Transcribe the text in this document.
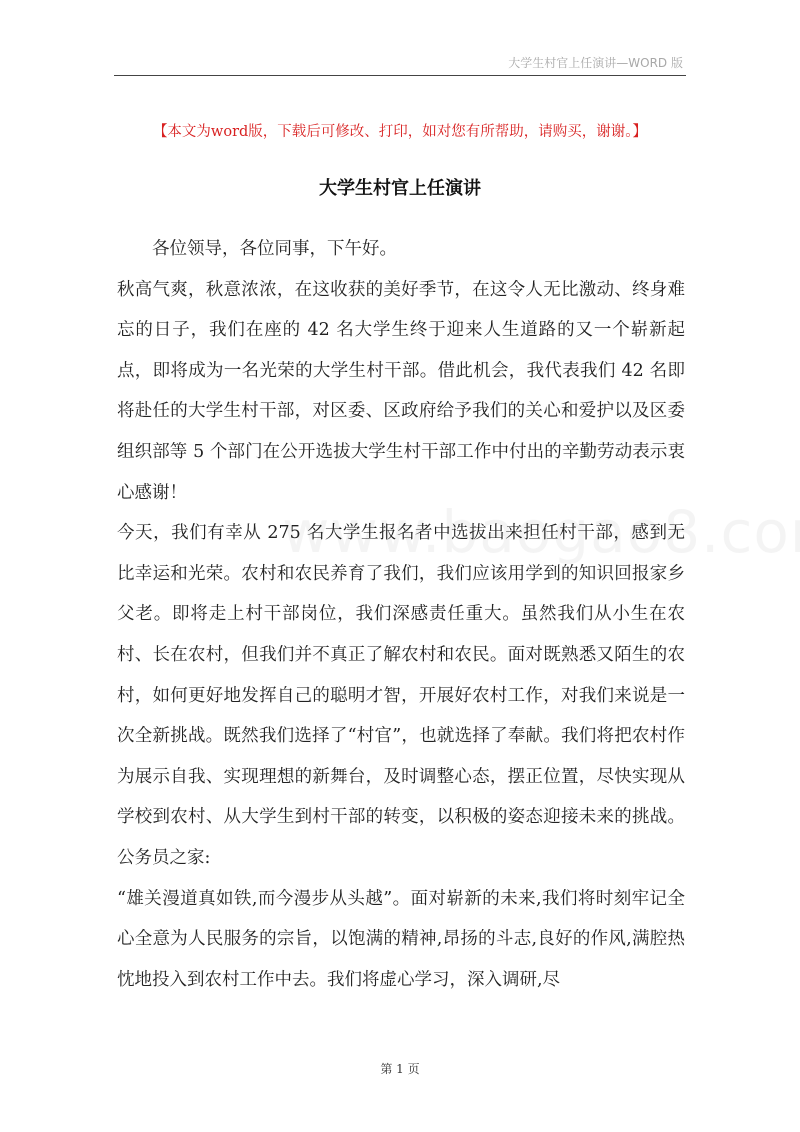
大学生村官上任演讲—WORD 版
【本文为word版，下载后可修改、打印，如对您有所帮助，请购买，谢谢。】
大学生村官上任演讲

各位领导，各位同事，下午好。

秋高气爽，秋意浓浓，在这收获的美好季节，在这令人无比激动、终身难忘的日子，我们在座的 42 名大学生终于迎来人生道路的又一个崭新起点，即将成为一名光荣的大学生村干部。借此机会，我代表我们 42 名即将赴任的大学生村干部，对区委、区政府给予我们的关心和爱护以及区委组织部等 5 个部门在公开选拔大学生村干部工作中付出的辛勤劳动表示衷心感谢！

今天，我们有幸从 275 名大学生报名者中选拔出来担任村干部，感到无比幸运和光荣。农村和农民养育了我们，我们应该用学到的知识回报家乡父老。即将走上村干部岗位，我们深感责任重大。虽然我们从小生在农村、长在农村，但我们并不真正了解农村和农民。面对既熟悉又陌生的农村，如何更好地发挥自己的聪明才智，开展好农村工作，对我们来说是一次全新挑战。既然我们选择了“村官”，也就选择了奉献。我们将把农村作为展示自我、实现理想的新舞台，及时调整心态，摆正位置，尽快实现从学校到农村、从大学生到村干部的转变，以积极的姿态迎接未来的挑战。公务员之家:

“雄关漫道真如铁,而今漫步从头越”。面对崭新的未来,我们将时刻牢记全心全意为人民服务的宗旨，以饱满的精神,昂扬的斗志,良好的作风,满腔热忱地投入到农村工作中去。我们将虚心学习，深入调研,尽

第 1 页
